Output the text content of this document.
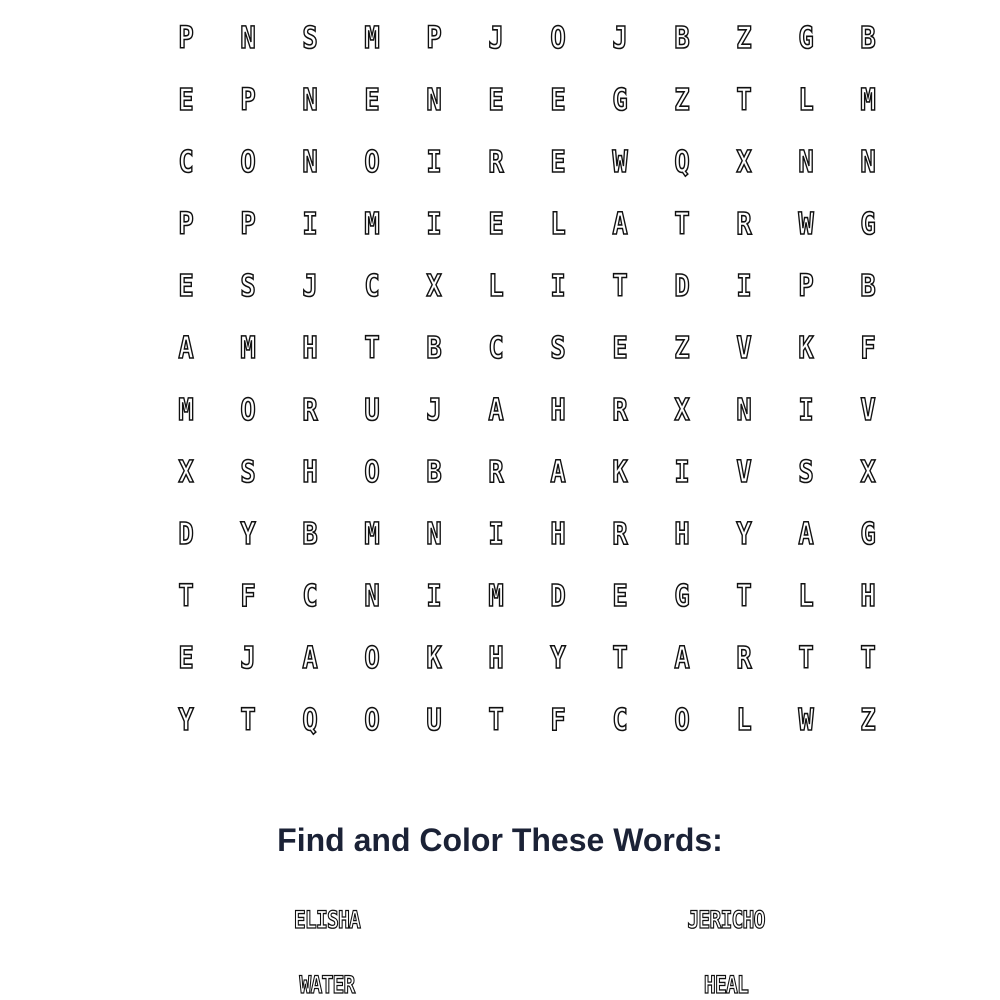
P	N	S	M	P	J	O	J	B	Z	G	B
E	P	N	E	N	E	E	G	Z	T	L	M
C	O	N	O	I	R	E	W	Q	X	N	N
P	P	I	M	I	E	L	A	T	R	W	G
E	S	J	C	X	L	I	T	D	I	P	B
A	M	H	T	B	C	S	E	Z	V	K	F
M	O	R	U	J	A	H	R	X	N	I	V
X	S	H	O	B	R	A	K	I	V	S	X
D	Y	B	M	N	I	H	R	H	Y	A	G
T	F	C	N	I	M	D	E	G	T	L	H
E	J	A	O	K	H	Y	T	A	R	T	T
Y	T	Q	O	U	T	F	C	O	L	W	Z
Find and Color These Words:
ELISHA	JERICHO
WATER	HEAL
